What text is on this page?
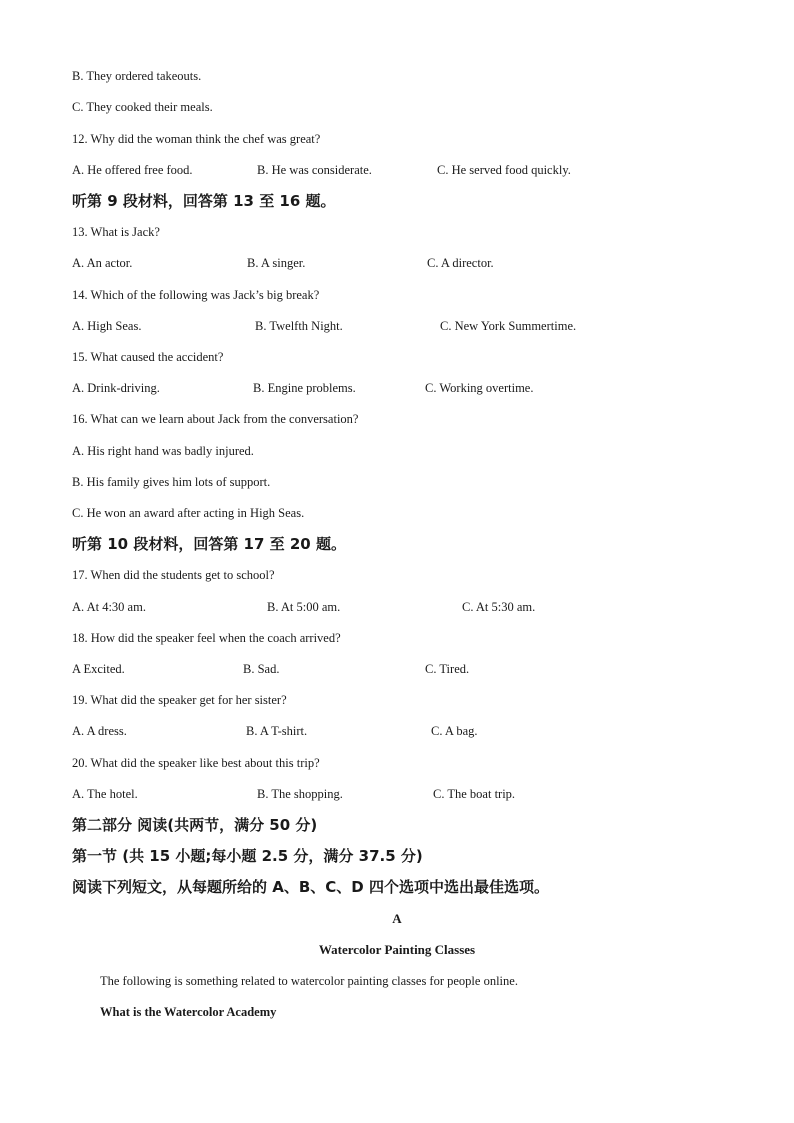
B. They ordered takeouts.
C. They cooked their meals.
12. Why did the woman think the chef was great?
A. He offered free food.	B. He was considerate.	C. He served food quickly.
听第 9 段材料，回答第 13 至 16 题。
13. What is Jack?
A. An actor.	B. A singer.	C. A director.
14. Which of the following was Jack’s big break?
A. High Seas.	B. Twelfth Night.	C. New York Summertime.
15. What caused the accident?
A. Drink-driving.	B. Engine problems.	C. Working overtime.
16. What can we learn about Jack from the conversation?
A. His right hand was badly injured.
B. His family gives him lots of support.
C. He won an award after acting in High Seas.
听第 10 段材料，回答第 17 至 20 题。
17. When did the students get to school?
A. At 4:30 am.	B. At 5:00 am.	C. At 5:30 am.
18. How did the speaker feel when the coach arrived?
A Excited.	B. Sad.	C. Tired.
19. What did the speaker get for her sister?
A. A dress.	B. A T-shirt.	C. A bag.
20. What did the speaker like best about this trip?
A. The hotel.	B. The shopping.	C. The boat trip.
第二部分 阅读(共两节，满分 50 分)
第一节 (共 15 小题;每小题 2.5 分，满分 37.5 分)
阅读下列短文，从每题所给的 A、B、C、D 四个选项中选出最佳选项。
A
Watercolor Painting Classes
The following is something related to watercolor painting classes for people online.
What is the Watercolor Academy
